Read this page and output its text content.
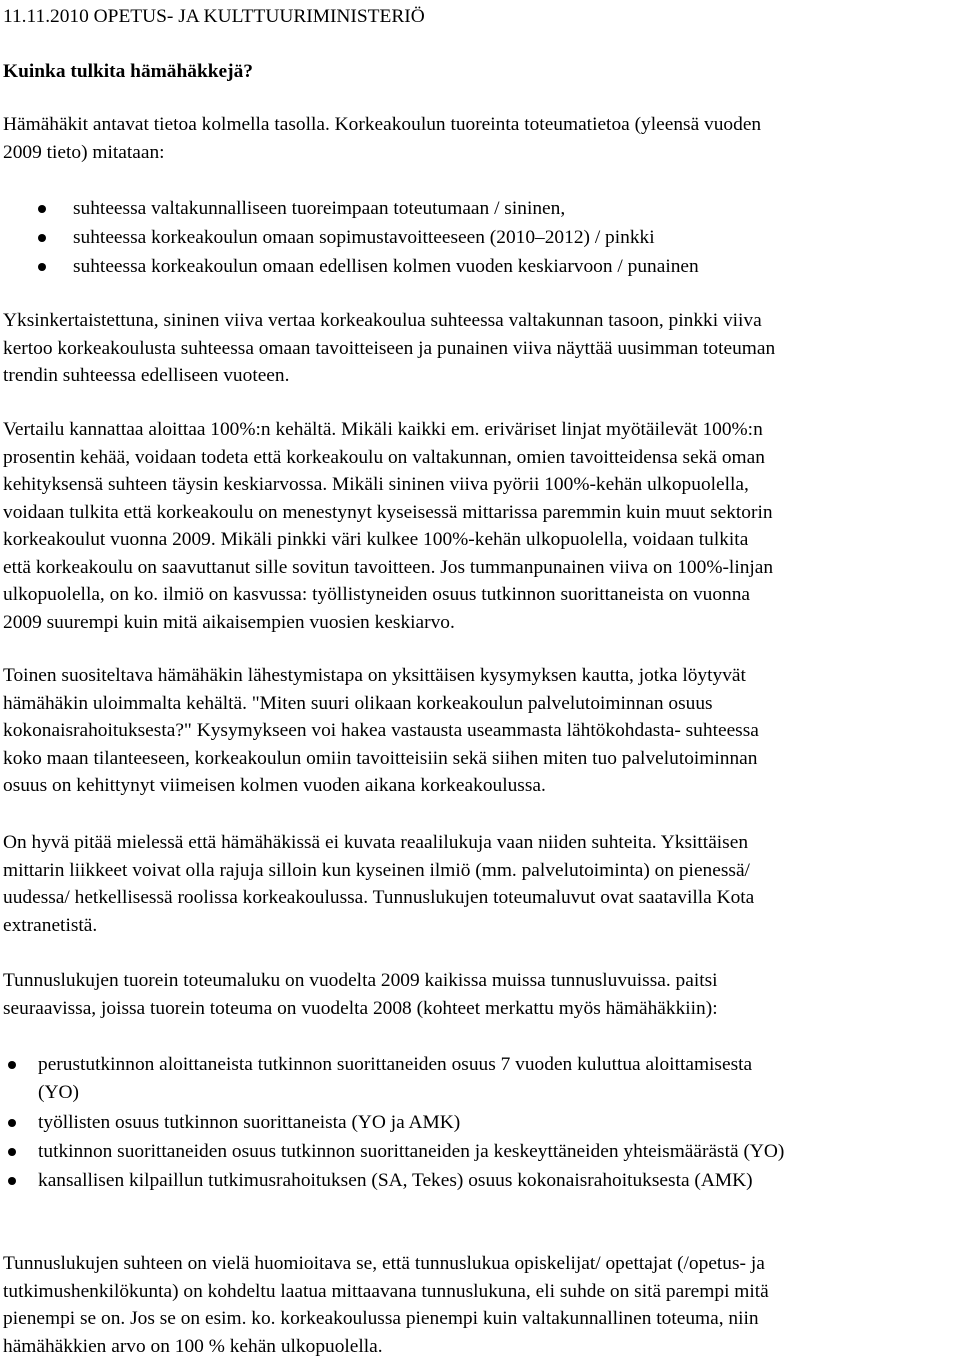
11.11.2010 OPETUS- JA KULTTUURIMINISTERIÖ
Kuinka tulkita hämähäkkejä?
Hämähäkit antavat tietoa kolmella tasolla. Korkeakoulun tuoreinta toteumatietoa (yleensä vuoden
2009 tieto) mitataan:
suhteessa valtakunnalliseen tuoreimpaan toteutumaan / sininen,
suhteessa korkeakoulun omaan sopimustavoitteeseen (2010–2012) / pinkki
suhteessa korkeakoulun omaan edellisen kolmen vuoden keskiarvoon / punainen
Yksinkertaistettuna, sininen viiva vertaa korkeakoulua suhteessa valtakunnan tasoon, pinkki viiva
kertoo korkeakoulusta suhteessa omaan tavoitteiseen ja punainen viiva näyttää uusimman toteuman
trendin suhteessa edelliseen vuoteen.
Vertailu kannattaa aloittaa 100%:n kehältä. Mikäli kaikki em. eriväriset linjat myötäilevät 100%:n
prosentin kehää, voidaan todeta että korkeakoulu on valtakunnan, omien tavoitteidensa sekä oman
kehityksensä suhteen täysin keskiarvossa. Mikäli sininen viiva pyörii 100%-kehän ulkopuolella,
voidaan tulkita että korkeakoulu on menestynyt kyseisessä mittarissa paremmin kuin muut sektorin
korkeakoulut vuonna 2009. Mikäli pinkki väri kulkee 100%-kehän ulkopuolella, voidaan tulkita
että korkeakoulu on saavuttanut sille sovitun tavoitteen. Jos tummanpunainen viiva on 100%-linjan
ulkopuolella, on ko. ilmiö on kasvussa: työllistyneiden osuus tutkinnon suorittaneista on vuonna
2009 suurempi kuin mitä aikaisempien vuosien keskiarvo.
Toinen suositeltava hämähäkin lähestymistapa on yksittäisen kysymyksen kautta, jotka löytyvät
hämähäkin uloimmalta kehältä. "Miten suuri olikaan korkeakoulun palvelutoiminnan osuus
kokonaisrahoituksesta?" Kysymykseen voi hakea vastausta useammasta lähtökohdasta- suhteessa
koko maan tilanteeseen, korkeakoulun omiin tavoitteisiin sekä siihen miten tuo palvelutoiminnan
osuus on kehittynyt viimeisen kolmen vuoden aikana korkeakoulussa.
On hyvä pitää mielessä että hämähäkissä ei kuvata reaalilukuja vaan niiden suhteita. Yksittäisen
mittarin liikkeet voivat olla rajuja silloin kun kyseinen ilmiö (mm. palvelutoiminta) on pienessä/
uudessa/ hetkellisessä roolissa korkeakoulussa. Tunnuslukujen toteumaluvut ovat saatavilla Kota
extranetistä.
Tunnuslukujen tuorein toteumaluku on vuodelta 2009 kaikissa muissa tunnusluvuissa. paitsi
seuraavissa, joissa tuorein toteuma on vuodelta 2008 (kohteet merkattu myös hämähäkkiin):
perustutkinnon aloittaneista tutkinnon suorittaneiden osuus 7 vuoden kuluttua aloittamisesta
(YO)
työllisten osuus tutkinnon suorittaneista (YO ja AMK)
tutkinnon suorittaneiden osuus tutkinnon suorittaneiden ja keskeyttäneiden yhteismäärästä (YO)
kansallisen kilpaillun tutkimusrahoituksen (SA, Tekes) osuus kokonaisrahoituksesta (AMK)
Tunnuslukujen suhteen on vielä huomioitava se, että tunnuslukua opiskelijat/ opettajat (/opetus- ja
tutkimushenkilökunta) on kohdeltu laatua mittaavana tunnuslukuna, eli suhde on sitä parempi mitä
pienempi se on. Jos se on esim. ko. korkeakoulussa pienempi kuin valtakunnallinen toteuma, niin
hämähäkkien arvo on 100 % kehän ulkopuolella.
